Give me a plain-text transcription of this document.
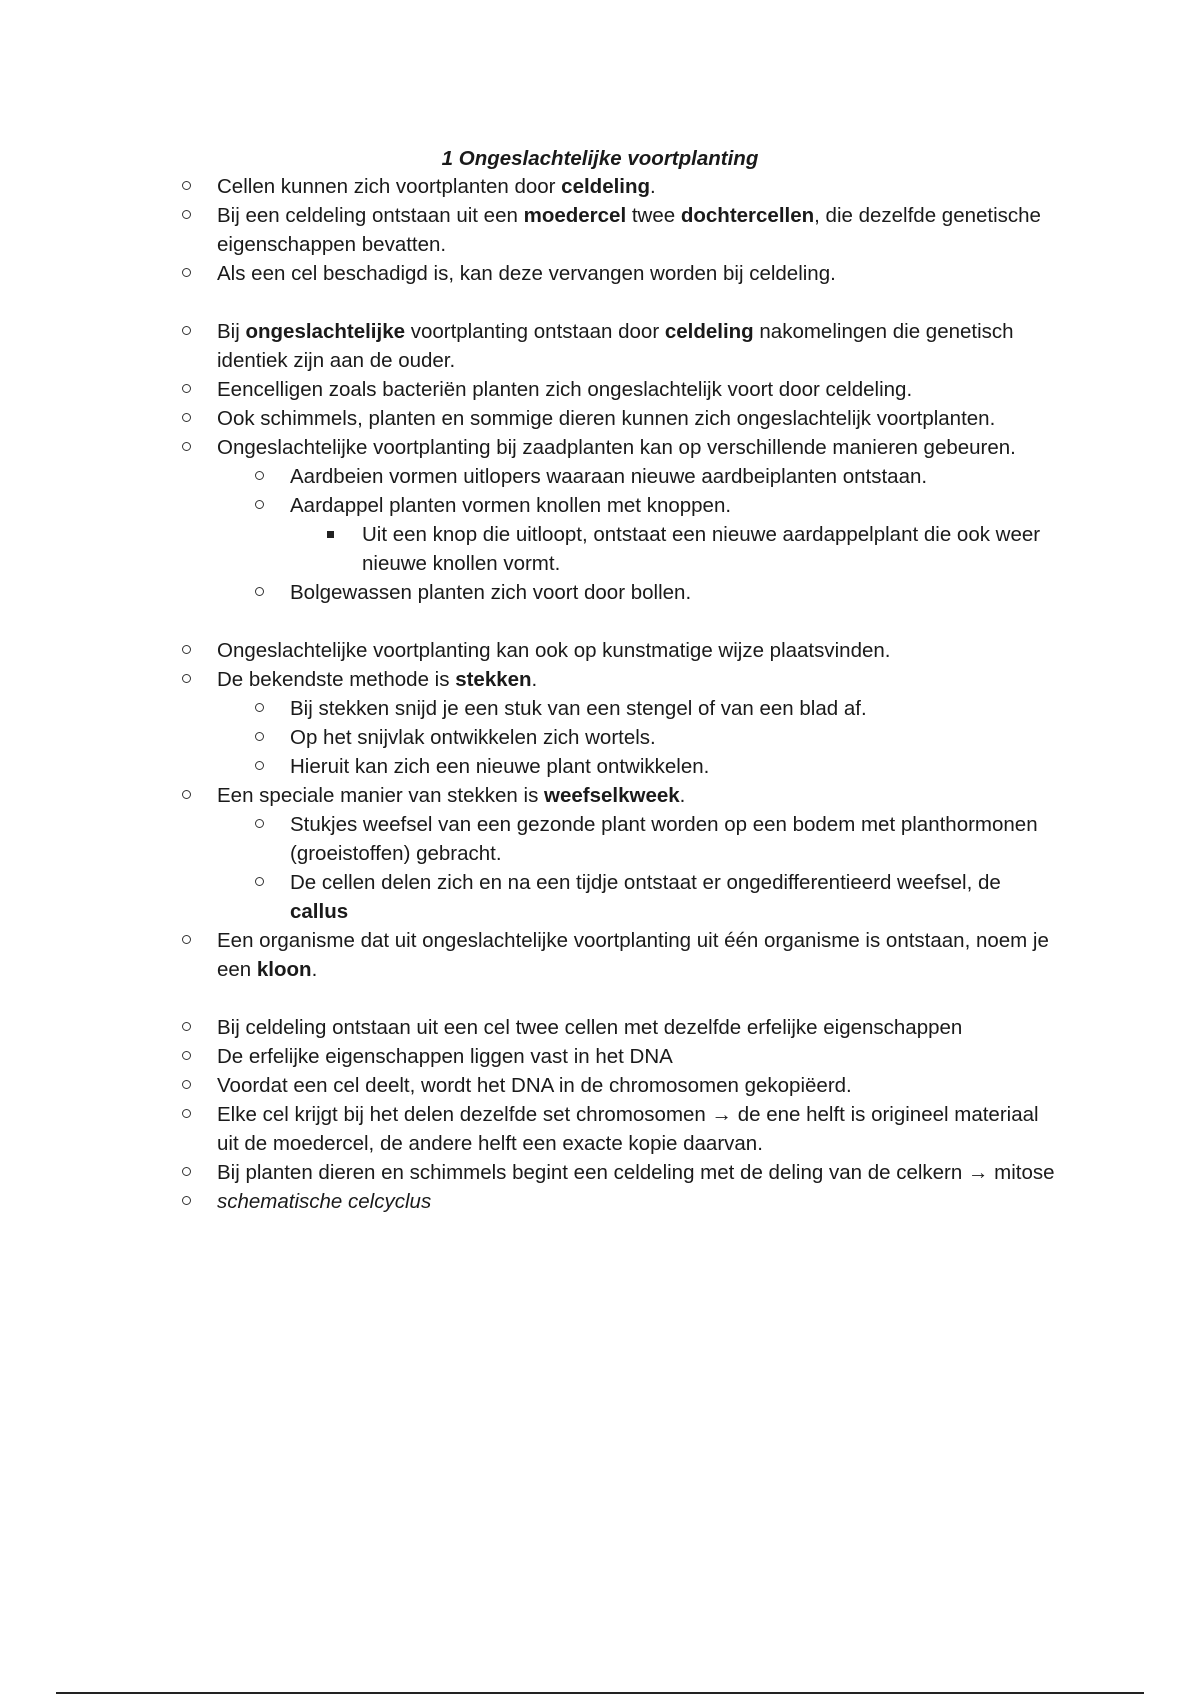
1 Ongeslachtelijke voortplanting
Cellen kunnen zich voortplanten door celdeling.
Bij een celdeling ontstaan uit een moedercel twee dochtercellen, die dezelfde genetische eigenschappen bevatten.
Als een cel beschadigd is, kan deze vervangen worden bij celdeling.
Bij ongeslachtelijke voortplanting ontstaan door celdeling nakomelingen die genetisch identiek zijn aan de ouder.
Eencelligen zoals bacteriën planten zich ongeslachtelijk voort door celdeling.
Ook schimmels, planten en sommige dieren kunnen zich ongeslachtelijk voortplanten.
Ongeslachtelijke voortplanting bij zaadplanten kan op verschillende manieren gebeuren.
Aardbeien vormen uitlopers waaraan nieuwe aardbeiplanten ontstaan.
Aardappel planten vormen knollen met knoppen.
Uit een knop die uitloopt, ontstaat een nieuwe aardappelplant die ook weer nieuwe knollen vormt.
Bolgewassen planten zich voort door bollen.
Ongeslachtelijke voortplanting kan ook op kunstmatige wijze plaatsvinden.
De bekendste methode is stekken.
Bij stekken snijd je een stuk van een stengel of van een blad af.
Op het snijvlak ontwikkelen zich wortels.
Hieruit kan zich een nieuwe plant ontwikkelen.
Een speciale manier van stekken is weefselkweek.
Stukjes weefsel van een gezonde plant worden op een bodem met planthormonen (groeistoffen) gebracht.
De cellen delen zich en na een tijdje ontstaat er ongedifferentieerd weefsel, de callus
Een organisme dat uit ongeslachtelijke voortplanting uit één organisme is ontstaan, noem je een kloon.
Bij celdeling ontstaan uit een cel twee cellen met dezelfde erfelijke eigenschappen
De erfelijke eigenschappen liggen vast in het DNA
Voordat een cel deelt, wordt het DNA in de chromosomen gekopiëerd.
Elke cel krijgt bij het delen dezelfde set chromosomen → de ene helft is origineel materiaal uit de moedercel, de andere helft een exacte kopie daarvan.
Bij planten dieren en schimmels begint een celdeling met de deling van de celkern → mitose
schematische celcyclus
